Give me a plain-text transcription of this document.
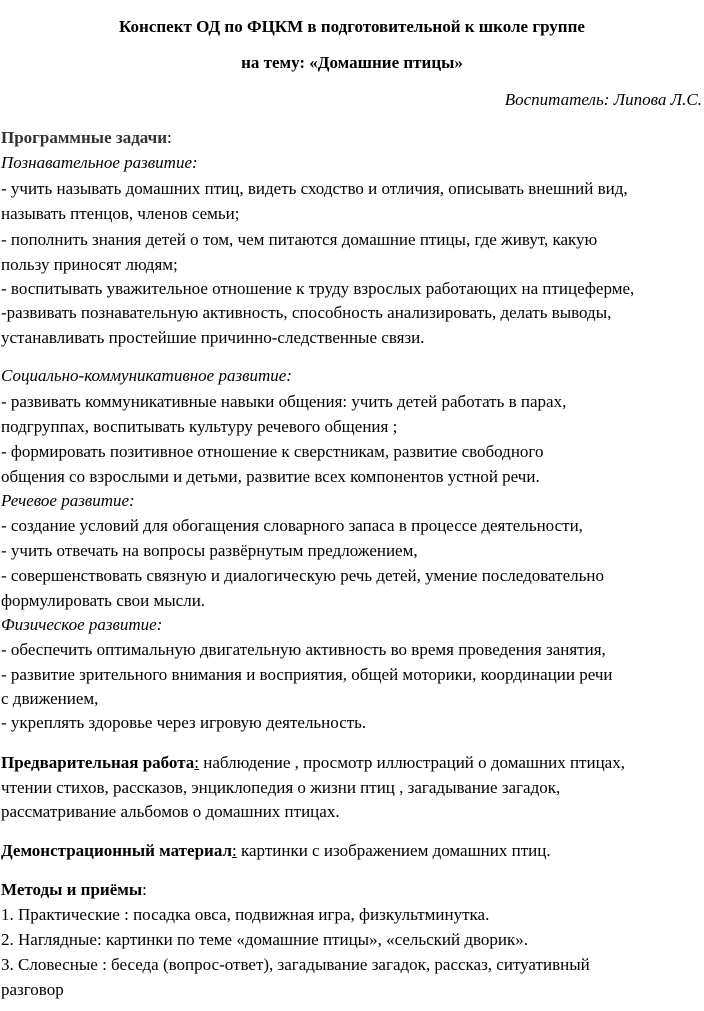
Конспект ОД по ФЦКМ в подготовительной к школе группе
на тему: «Домашние птицы»
Воспитатель: Липова Л.С.
Программные задачи:
Познавательное развитие:
- учить называть домашних птиц, видеть сходство и отличия, описывать внешний вид,
называть птенцов, членов семьи;
- пополнить знания детей о том, чем питаются домашние птицы, где живут, какую
пользу приносят людям;
- воспитывать уважительное отношение к труду взрослых работающих на птицеферме,
-развивать познавательную активность, способность анализировать, делать выводы,
устанавливать простейшие причинно-следственные связи.
Социально-коммуникативное развитие:
- развивать коммуникативные навыки общения: учить детей работать в парах,
подгруппах, воспитывать культуру речевого общения ;
- формировать позитивное отношение к сверстникам, развитие свободного
общения со взрослыми и детьми, развитие всех компонентов устной речи.
Речевое развитие:
- создание условий для обогащения словарного запаса в процессе деятельности,
- учить отвечать на вопросы развёрнутым предложением,
- совершенствовать связную и диалогическую речь детей, умение последовательно
формулировать свои мысли.
Физическое развитие:
- обеспечить оптимальную двигательную активность во время проведения занятия,
- развитие зрительного внимания и восприятия, общей моторики, координации речи
с движением,
- укреплять здоровье через игровую деятельность.
Предварительная работа: наблюдение , просмотр иллюстраций о домашних птицах,
чтении стихов, рассказов, энциклопедия о жизни птиц , загадывание загадок,
рассматривание альбомов о домашних птицах.
Демонстрационный материал: картинки с изображением домашних птиц.
Методы и приёмы:
1. Практические : посадка овса, подвижная игра, физкультминутка.
2. Наглядные: картинки по теме «домашние птицы», «сельский дворик».
3. Словесные : беседа (вопрос-ответ), загадывание загадок, рассказ, ситуативный
разговор
